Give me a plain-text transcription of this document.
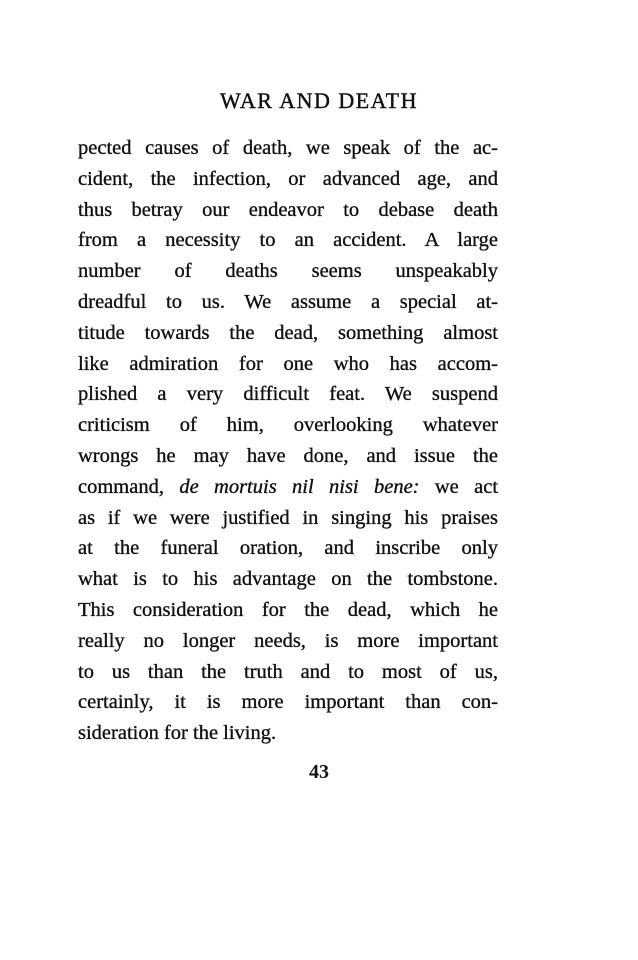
WAR AND DEATH
pected causes of death, we speak of the ac-
cident, the infection, or advanced age, and
thus betray our endeavor to debase death
from a necessity to an accident. A large
number of deaths seems unspeakably
dreadful to us. We assume a special at-
titude towards the dead, something almost
like admiration for one who has accom-
plished a very difficult feat. We suspend
criticism of him, overlooking whatever
wrongs he may have done, and issue the
command, de mortuis nil nisi bene: we act
as if we were justified in singing his praises
at the funeral oration, and inscribe only
what is to his advantage on the tombstone.
This consideration for the dead, which he
really no longer needs, is more important
to us than the truth and to most of us,
certainly, it is more important than con-
sideration for the living.
43
